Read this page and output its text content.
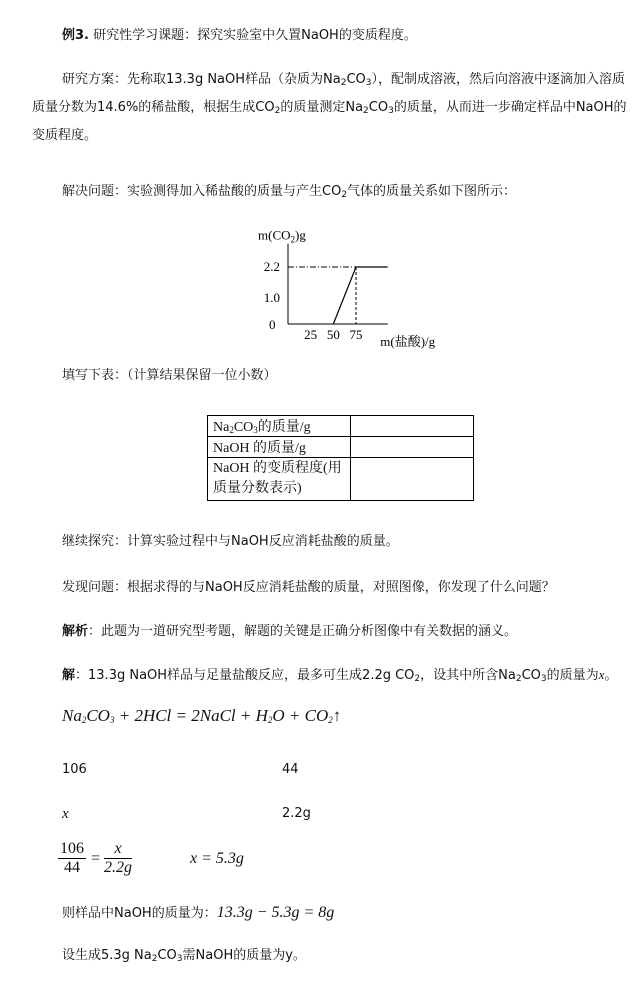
例3. 研究性学习课题：探究实验室中久置NaOH的变质程度。
研究方案：先称取13.3g NaOH样品（杂质为$Na_2CO_3$），配制成溶液，然后向溶液中逐滴加入溶质质量分数为14.6%的稀盐酸，根据生成$CO_2$的质量测定$Na_2CO_3$的质量，从而进一步确定样品中NaOH的变质程度。
解决问题：实验测得加入稀盐酸的质量与产生$CO_2$气体的质量关系如下图所示：
$m(CO_2)g$
0
25 50 75
1.0
2.2
m(盐酸)/g
填写下表：（计算结果保留一位小数）
$Na_2CO_3$的质量/g	
NaOH 的质量/g	
NaOH 的变质程度(用
质量分数表示)	
继续探究：计算实验过程中与NaOH反应消耗盐酸的质量。
发现问题：根据求得的与NaOH反应消耗盐酸的质量，对照图像，你发现了什么问题？
解析：此题为一道研究型考题，解题的关键是正确分析图像中有关数据的涵义。
解：13.3g NaOH样品与足量盐酸反应，最多可生成2.2g $CO_2$，设其中所含$Na_2CO_3$的质量为x。
$Na_2CO_3 + 2HCl$ = 2NaCl + $H_2O$ + $CO_2↑$
106	44
x	2.2g
$\frac{106}{44} = \frac{x}{2.2g}$	x = 5.3g
则样品中NaOH的质量为：13.3g − 5.3g = 8g
设生成5.3g $Na_2CO_3$需NaOH的质量为y。
